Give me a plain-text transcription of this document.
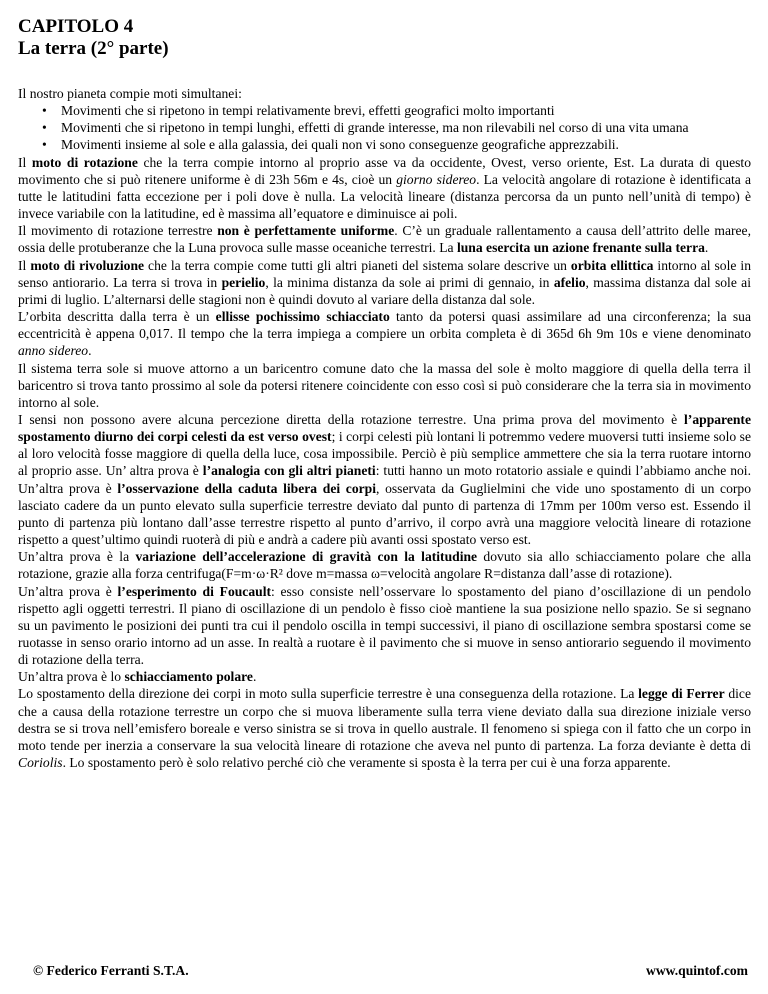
CAPITOLO 4
La terra (2° parte)

Il nostro pianeta compie moti simultanei:

• Movimenti che si ripetono in tempi relativamente brevi, effetti geografici molto importanti
• Movimenti che si ripetono in tempi lunghi, effetti di grande interesse, ma non rilevabili nel corso di una vita umana
• Movimenti insieme al sole e alla galassia, dei quali non vi sono conseguenze geografiche apprezzabili.

Il moto di rotazione che la terra compie intorno al proprio asse va da occidente, Ovest, verso oriente, Est. La durata di questo movimento che si può ritenere uniforme è di 23h 56m e 4s, cioè un giorno sidereo. La velocità angolare di rotazione è identificata a tutte le latitudini fatta eccezione per i poli dove è nulla. La velocità lineare (distanza percorsa da un punto nell’unità di tempo) è invece variabile con la latitudine, ed è massima all’equatore e diminuisce ai poli.

Il movimento di rotazione terrestre non è perfettamente uniforme. C’è un graduale rallentamento a causa dell’attrito delle maree, ossia delle protuberanze che la Luna provoca sulle masse oceaniche terrestri. La luna esercita un azione frenante sulla terra.

Il moto di rivoluzione che la terra compie come tutti gli altri pianeti del sistema solare descrive un orbita ellittica intorno al sole in senso antiorario. La terra si trova in perielio, la minima distanza da sole ai primi di gennaio, in afelio, massima distanza dal sole ai primi di luglio. L’alternarsi delle stagioni non è quindi dovuto al variare della distanza dal sole.

L’orbita descritta dalla terra è un ellisse pochissimo schiacciato tanto da potersi quasi assimilare ad una circonferenza; la sua eccentricità è appena 0,017. Il tempo che la terra impiega a compiere un orbita completa è di 365d 6h 9m 10s e viene denominato anno sidereo.

Il sistema terra sole si muove attorno a un baricentro comune dato che la massa del sole è molto maggiore di quella della terra il baricentro si trova tanto prossimo al sole da potersi ritenere coincidente con esso così si può considerare che la terra sia in movimento intorno al sole.

I sensi non possono avere alcuna percezione diretta della rotazione terrestre. Una prima prova del movimento è l’apparente spostamento diurno dei corpi celesti da est verso ovest; i corpi celesti più lontani li potremmo vedere muoversi tutti insieme solo se al loro velocità fosse maggiore di quella della luce, cosa impossibile. Perciò è più semplice ammettere che sia la terra ruotare intorno al proprio asse. Un’ altra prova è l’analogia con gli altri pianeti: tutti hanno un moto rotatorio assiale e quindi l’abbiamo anche noi. Un’altra prova è l’osservazione della caduta libera dei corpi, osservata da Guglielmini che vide uno spostamento di un corpo lasciato cadere da un punto elevato sulla superficie terrestre deviato dal punto di partenza di 17mm per 100m verso est. Essendo il punto di partenza più lontano dall’asse terrestre rispetto al punto d’arrivo, il corpo avrà una maggiore velocità lineare di rotazione rispetto a quest’ultimo quindi ruoterà di più e andrà a cadere più avanti ossi spostato verso est.

Un’altra prova è la variazione dell’accelerazione di gravità con la latitudine dovuto sia allo schiacciamento polare che alla rotazione, grazie alla forza centrifuga(F=m·ω·R² dove m=massa ω=velocità angolare R=distanza dall’asse di rotazione).

Un’altra prova è l’esperimento di Foucault: esso consiste nell’osservare lo spostamento del piano d’oscillazione di un pendolo rispetto agli oggetti terrestri. Il piano di oscillazione di un pendolo è fisso cioè mantiene la sua posizione nello spazio. Se si segnano su un pavimento le posizioni dei punti tra cui il pendolo oscilla in tempi successivi, il piano di oscillazione sembra spostarsi come se ruotasse in senso orario intorno ad un asse. In realtà a ruotare è il pavimento che si muove in senso antiorario seguendo il movimento di rotazione della terra.

Un’altra prova è lo schiacciamento polare.

Lo spostamento della direzione dei corpi in moto sulla superficie terrestre è una conseguenza della rotazione. La legge di Ferrer dice che a causa della rotazione terrestre un corpo che si muova liberamente sulla terra viene deviato dalla sua direzione iniziale verso destra se si trova nell’emisfero boreale e verso sinistra se si trova in quello australe. Il fenomeno si spiega con il fatto che un corpo in moto tende per inerzia a conservare la sua velocità lineare di rotazione che aveva nel punto di partenza. La forza deviante è detta di Coriolis. Lo spostamento però è solo relativo perché ciò che veramente si sposta è la terra per cui è una forza apparente.

© Federico Ferranti S.T.A.	www.quintof.com
